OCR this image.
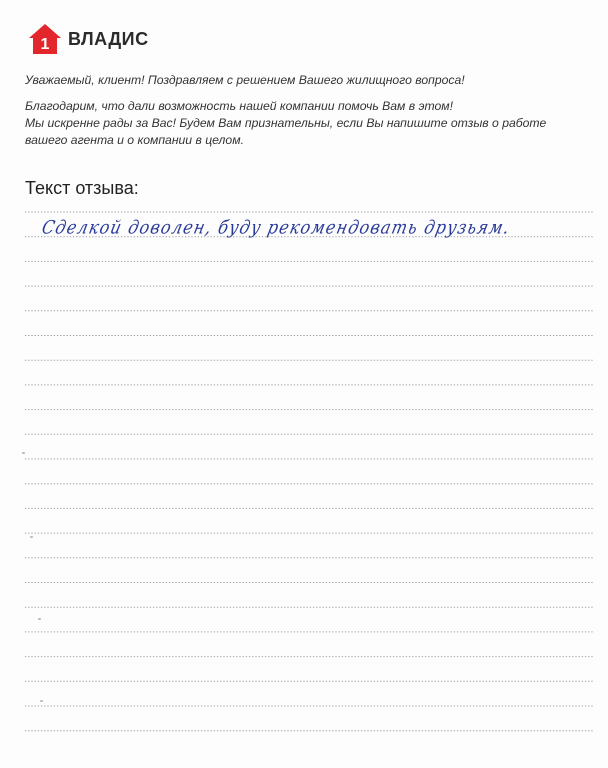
1 ВЛАДИС

Уважаемый, клиент! Поздравляем с решением Вашего жилищного вопроса!

Благодарим, что дали возможность нашей компании помочь Вам в этом!
Мы искренне рады за Вас! Будем Вам признательны, если Вы напишите отзыв о работе
вашего агента и о компании в целом.

Текст отзыва:
Сделкой доволен, буду рекомендовать друзьям.
